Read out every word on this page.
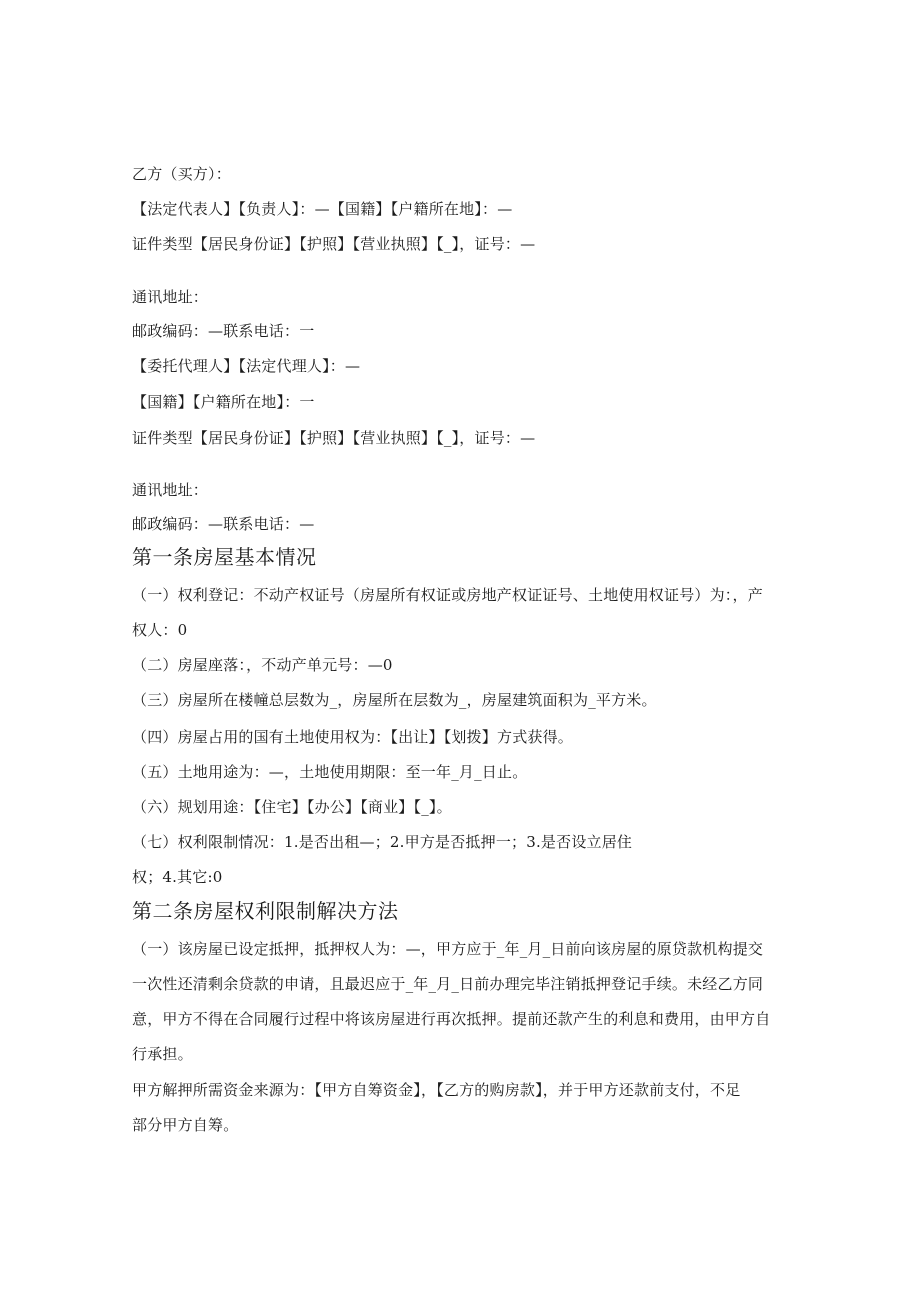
乙方（买方）：
【法定代表人】【负责人】：—【国籍】【户籍所在地】：—
证件类型【居民身份证】【护照】【营业执照】【_】，证号：—
通讯地址：
邮政编码：—联系电话：一
【委托代理人】【法定代理人】：—
【国籍】【户籍所在地】：一
证件类型【居民身份证】【护照】【营业执照】【_】，证号：—
通讯地址：
邮政编码：—联系电话：—
第一条房屋基本情况
（一）权利登记：不动产权证号（房屋所有权证或房地产权证证号、土地使用权证号）为：，产
权人：0
（二）房屋座落：，不动产单元号：—0
（三）房屋所在楼幢总层数为_，房屋所在层数为_，房屋建筑面积为_平方米。
（四）房屋占用的国有土地使用权为：【出让】【划拨】方式获得。
（五）土地用途为：—，土地使用期限：至一年_月_日止。
（六）规划用途：【住宅】【办公】【商业】【_】。
（七）权利限制情况：1.是否出租—；2.甲方是否抵押一；3.是否设立居住
权；4.其它:0
第二条房屋权利限制解决方法
（一）该房屋已设定抵押，抵押权人为：—，甲方应于_年_月_日前向该房屋的原贷款机构提交
一次性还清剩余贷款的申请，且最迟应于_年_月_日前办理完毕注销抵押登记手续。未经乙方同
意，甲方不得在合同履行过程中将该房屋进行再次抵押。提前还款产生的利息和费用，由甲方自
行承担。
甲方解押所需资金来源为：【甲方自筹资金】，【乙方的购房款】，并于甲方还款前支付，不足
部分甲方自筹。
